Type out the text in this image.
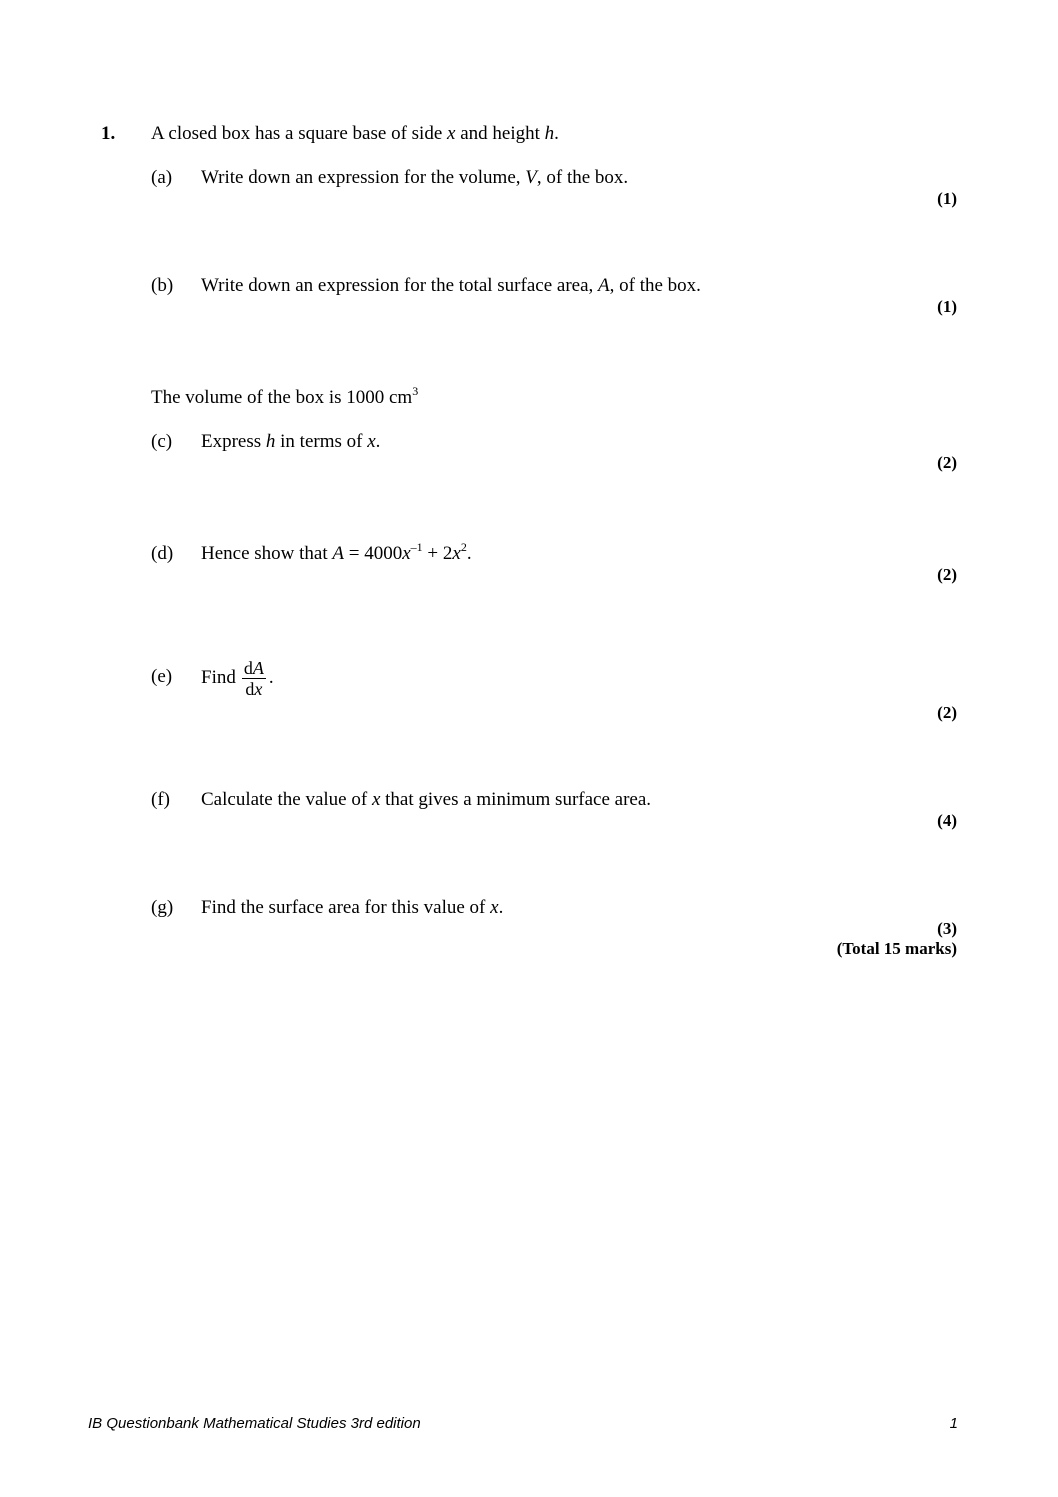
1. A closed box has a square base of side x and height h.
(a) Write down an expression for the volume, V, of the box.
(1)
(b) Write down an expression for the total surface area, A, of the box.
(1)
The volume of the box is 1000 $cm^3$
(c) Express h in terms of x.
(2)
(d) Hence show that $A = 4000x^{-1} + 2x^2$.
(2)
(e) Find $\frac{dA}{dx}$ .
(2)
(f) Calculate the value of x that gives a minimum surface area.
(4)
(g) Find the surface area for this value of x.
(3)
(Total 15 marks)
IB Questionbank Mathematical Studies 3rd edition	1
